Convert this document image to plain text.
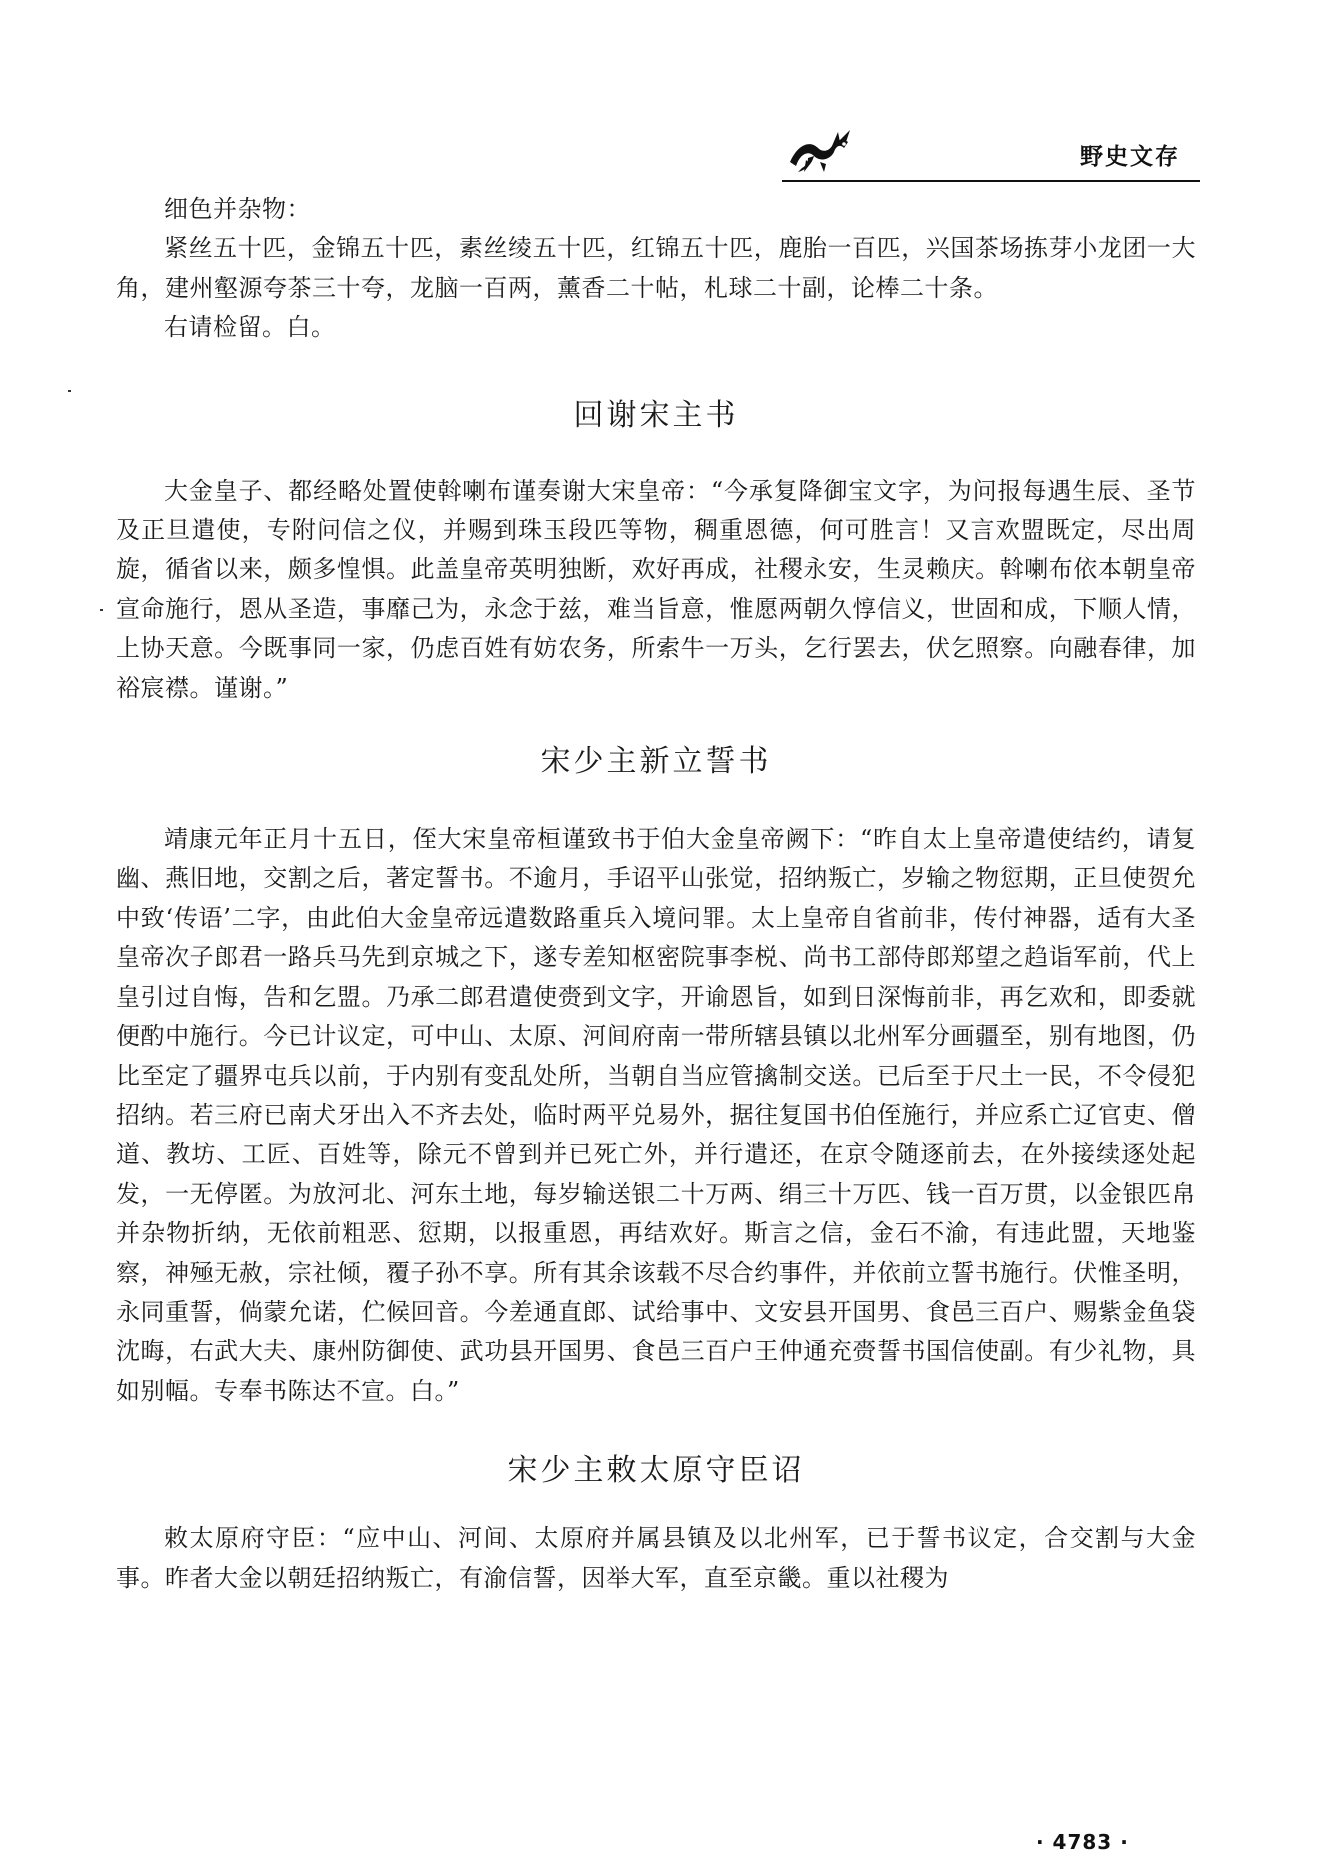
野史文存

细色并杂物：

紧丝五十匹，金锦五十匹，素丝绫五十匹，红锦五十匹，鹿胎一百匹，兴国茶场拣芽小龙团一大角，建州壑源夸茶三十夸，龙脑一百两，薰香二十帖，札球二十副，论棒二十条。

右请检留。白。

回谢宋主书

大金皇子、都经略处置使斡喇布谨奏谢大宋皇帝：“今承复降御宝文字，为问报每遇生辰、圣节及正旦遣使，专附问信之仪，并赐到珠玉段匹等物，稠重恩德，何可胜言！又言欢盟既定，尽出周旋，循省以来，颇多惶惧。此盖皇帝英明独断，欢好再成，社稷永安，生灵赖庆。斡喇布依本朝皇帝宣命施行，恩从圣造，事靡己为，永念于兹，难当旨意，惟愿两朝久惇信义，世固和成，下顺人情，上协天意。今既事同一家，仍虑百姓有妨农务，所索牛一万头，乞行罢去，伏乞照察。向融春律，加裕宸襟。谨谢。”

宋少主新立誓书

靖康元年正月十五日，侄大宋皇帝桓谨致书于伯大金皇帝阙下：“昨自太上皇帝遣使结约，请复幽、燕旧地，交割之后，著定誓书。不逾月，手诏平山张觉，招纳叛亡，岁输之物愆期，正旦使贺允中致‘传语’二字，由此伯大金皇帝远遣数路重兵入境问罪。太上皇帝自省前非，传付神器，适有大圣皇帝次子郎君一路兵马先到京城之下，遂专差知枢密院事李棁、尚书工部侍郎郑望之趋诣军前，代上皇引过自悔，告和乞盟。乃承二郎君遣使赍到文字，开谕恩旨，如到日深悔前非，再乞欢和，即委就便酌中施行。今已计议定，可中山、太原、河间府南一带所辖县镇以北州军分画疆至，别有地图，仍比至定了疆界屯兵以前，于内别有变乱处所，当朝自当应管擒制交送。已后至于尺土一民，不令侵犯招纳。若三府已南犬牙出入不齐去处，临时两平兑易外，据往复国书伯侄施行，并应系亡辽官吏、僧道、教坊、工匠、百姓等，除元不曾到并已死亡外，并行遣还，在京令随逐前去，在外接续逐处起发，一无停匿。为放河北、河东土地，每岁输送银二十万两、绢三十万匹、钱一百万贯，以金银匹帛并杂物折纳，无依前粗恶、愆期，以报重恩，再结欢好。斯言之信，金石不渝，有违此盟，天地鉴察，神殛无赦，宗社倾，覆子孙不享。所有其余该载不尽合约事件，并依前立誓书施行。伏惟圣明，永同重誓，倘蒙允诺，伫候回音。今差通直郎、试给事中、文安县开国男、食邑三百户、赐紫金鱼袋沈晦，右武大夫、康州防御使、武功县开国男、食邑三百户王仲通充赍誓书国信使副。有少礼物，具如别幅。专奉书陈达不宣。白。”

宋少主敕太原守臣诏

敕太原府守臣：“应中山、河间、太原府并属县镇及以北州军，已于誓书议定，合交割与大金事。昨者大金以朝廷招纳叛亡，有渝信誓，因举大军，直至京畿。重以社稷为

· 4783 ·
